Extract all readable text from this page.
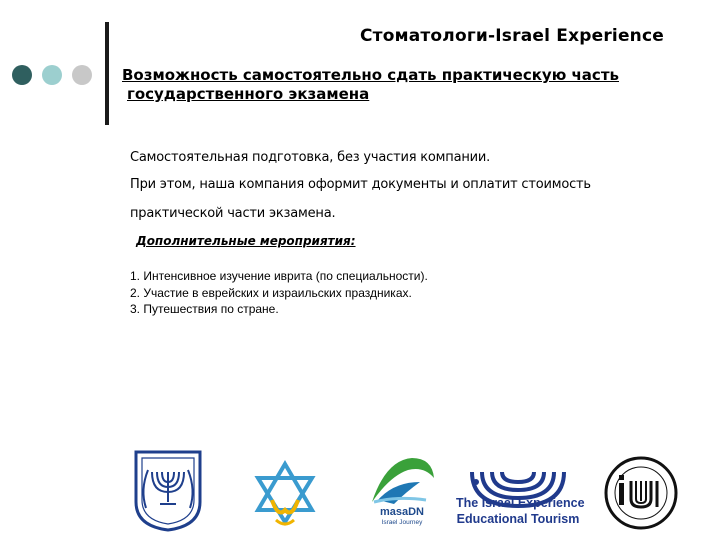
Стоматологи-Israel Experience
Возможность самостоятельно сдать практическую часть
государственного экзамена
Самостоятельная подготовка, без участия компании.
При этом, наша компания оформит документы и оплатит стоимость
практической части экзамена.
Дополнительные мероприятия:
1. Интенсивное изучение иврита (по специальности).
2. Участие в еврейских и израильских праздниках.
3. Путешествия по стране.
masaDN
Israel Journey
The Israel Experience
Educational Tourism
